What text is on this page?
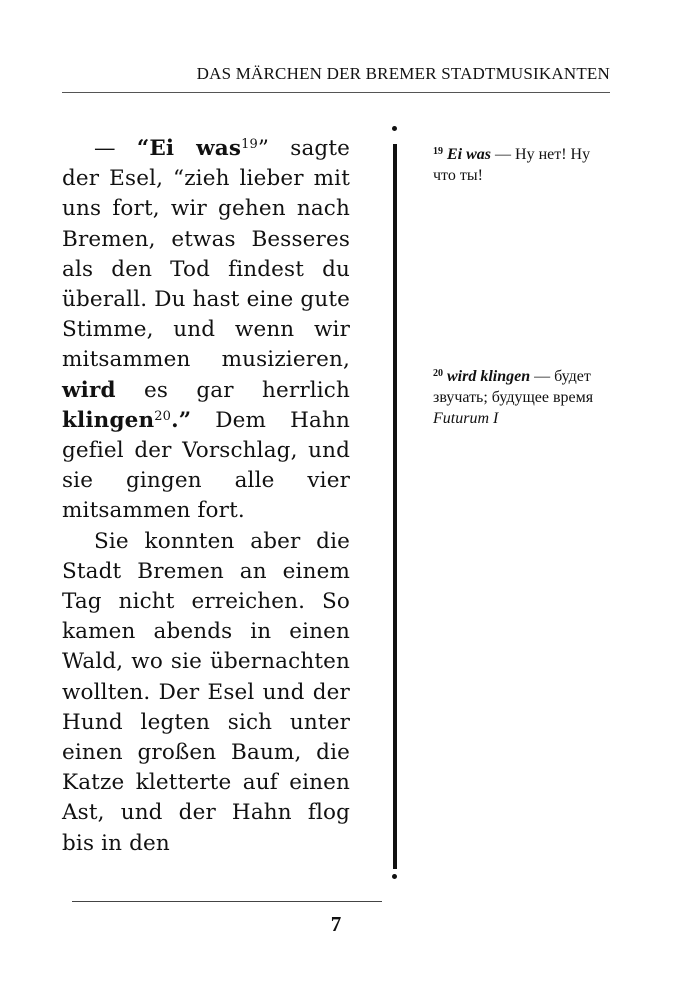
DAS MÄRCHEN DER BREMER STADTMUSIKANTEN

— “Ei was$^{19}$” sagte der Esel, “zieh lieber mit uns fort, wir gehen nach Bremen, etwas Besseres als den Tod findest du überall. Du hast eine gute Stimme, und wenn wir mitsammen musizieren, wird es gar herrlich klingen$^{20}$.” Dem Hahn gefiel der Vorschlag, und sie gingen alle vier mitsammen fort.

Sie konnten aber die Stadt Bremen an einem Tag nicht erreichen. So kamen abends in einen Wald, wo sie übernachten wollten. Der Esel und der Hund legten sich unter einen großen Baum, die Katze kletterte auf einen Ast, und der Hahn flog bis in den

$^{19}$ Ei was — Ну нет! Ну что ты!
$^{20}$ wird klingen — будет звучать; будущее время Futurum I
7
